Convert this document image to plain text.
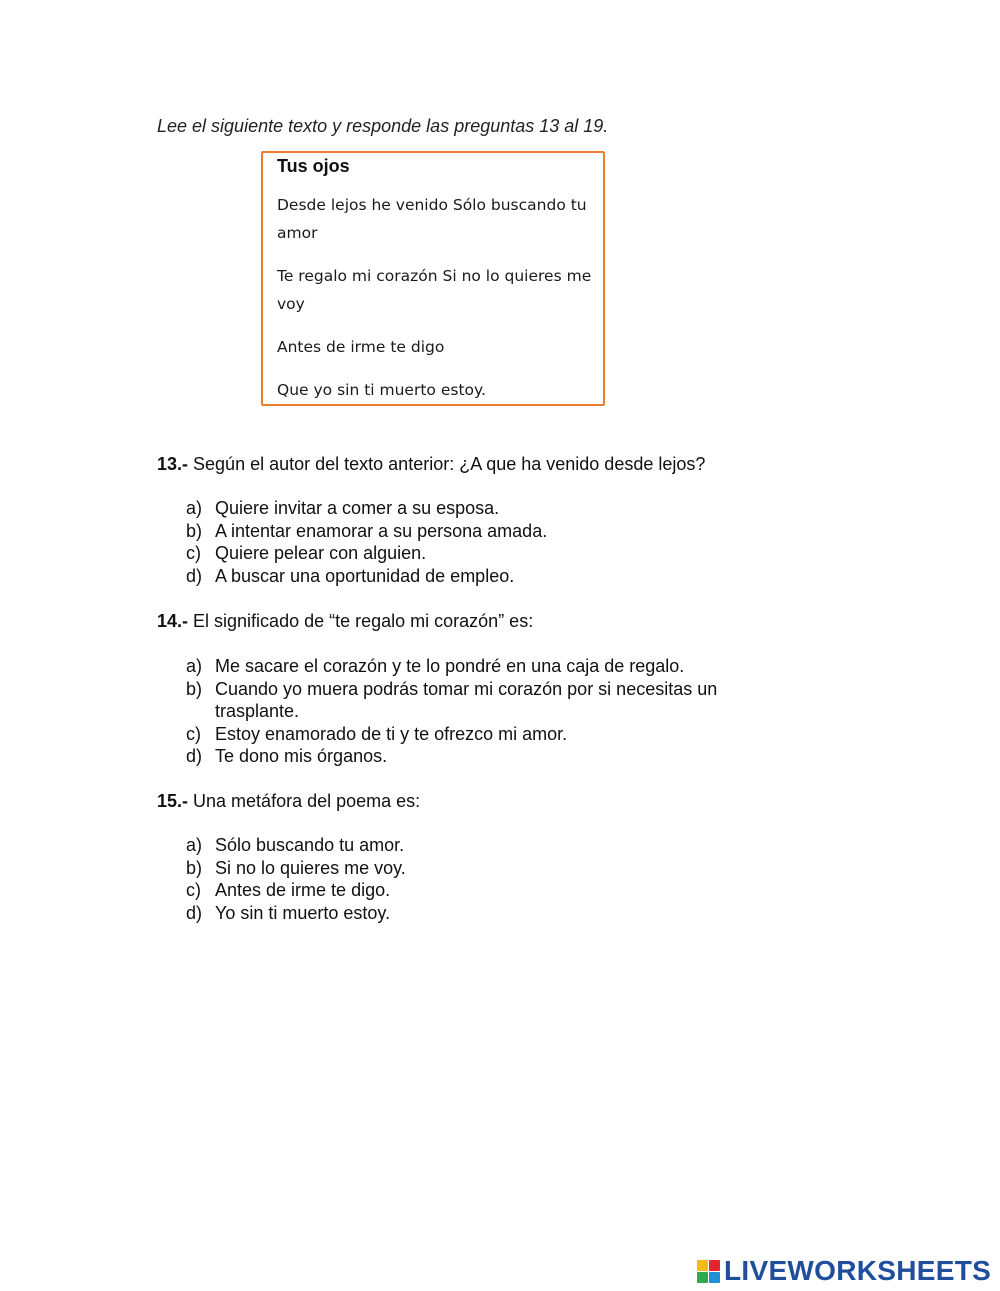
Lee el siguiente texto y responde las preguntas 13 al 19.
Tus ojos

Desde lejos he venido Sólo buscando tu amor

Te regalo mi corazón Si no lo quieres me voy

Antes de irme te digo

Que yo sin ti muerto estoy.

13.- Según el autor del texto anterior: ¿A que ha venido desde lejos?
a) Quiere invitar a comer a su esposa.
b) A intentar enamorar a su persona amada.
c) Quiere pelear con alguien.
d) A buscar una oportunidad de empleo.
14.- El significado de “te regalo mi corazón” es:
a) Me sacare el corazón y te lo pondré en una caja de regalo.
b) Cuando yo muera podrás tomar mi corazón por si necesitas un trasplante.
c) Estoy enamorado de ti y te ofrezco mi amor.
d) Te dono mis órganos.
15.- Una metáfora del poema es:
a) Sólo buscando tu amor.
b) Si no lo quieres me voy.
c) Antes de irme te digo.
d) Yo sin ti muerto estoy.
LIVEWORKSHEETS
